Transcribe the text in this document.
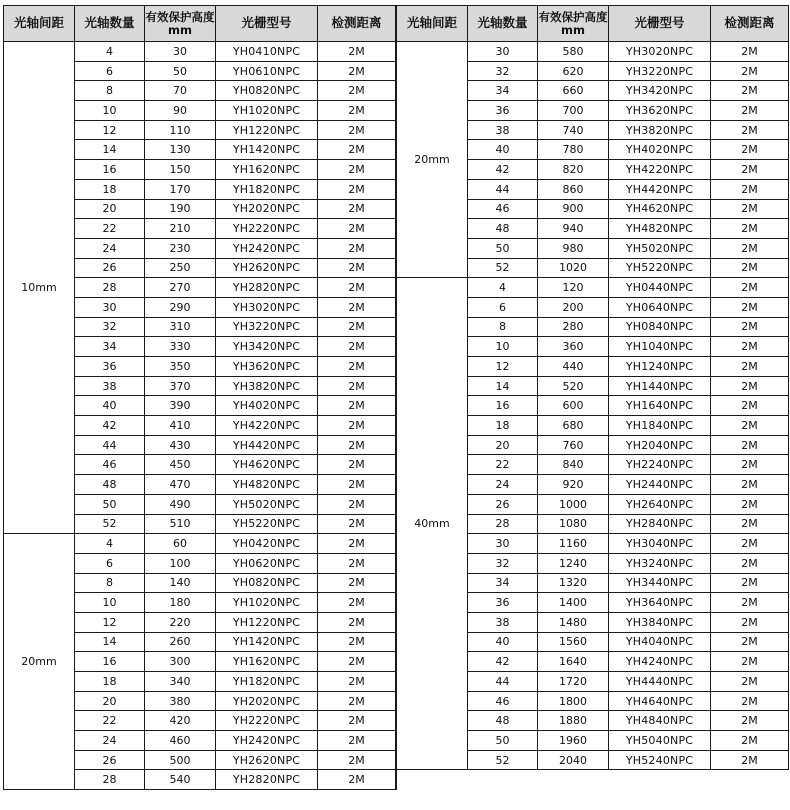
光轴间距	光轴数量	有效保护高度mm	光栅型号	检测距离
10mm	4	30	YH0410NPC	2M
	6	50	YH0610NPC	2M
	8	70	YH0820NPC	2M
	10	90	YH1020NPC	2M
	12	110	YH1220NPC	2M
	14	130	YH1420NPC	2M
	16	150	YH1620NPC	2M
	18	170	YH1820NPC	2M
	20	190	YH2020NPC	2M
	22	210	YH2220NPC	2M
	24	230	YH2420NPC	2M
	26	250	YH2620NPC	2M
	28	270	YH2820NPC	2M
	30	290	YH3020NPC	2M
	32	310	YH3220NPC	2M
	34	330	YH3420NPC	2M
	36	350	YH3620NPC	2M
	38	370	YH3820NPC	2M
	40	390	YH4020NPC	2M
	42	410	YH4220NPC	2M
	44	430	YH4420NPC	2M
	46	450	YH4620NPC	2M
	48	470	YH4820NPC	2M
	50	490	YH5020NPC	2M
	52	510	YH5220NPC	2M
20mm	4	60	YH0420NPC	2M
	6	100	YH0620NPC	2M
	8	140	YH0820NPC	2M
	10	180	YH1020NPC	2M
	12	220	YH1220NPC	2M
	14	260	YH1420NPC	2M
	16	300	YH1620NPC	2M
	18	340	YH1820NPC	2M
	20	380	YH2020NPC	2M
	22	420	YH2220NPC	2M
	24	460	YH2420NPC	2M
	26	500	YH2620NPC	2M
	28	540	YH2820NPC	2M
光轴间距	光轴数量	有效保护高度mm	光栅型号	检测距离
20mm	30	580	YH3020NPC	2M
	32	620	YH3220NPC	2M
	34	660	YH3420NPC	2M
	36	700	YH3620NPC	2M
	38	740	YH3820NPC	2M
	40	780	YH4020NPC	2M
	42	820	YH4220NPC	2M
	44	860	YH4420NPC	2M
	46	900	YH4620NPC	2M
	48	940	YH4820NPC	2M
	50	980	YH5020NPC	2M
	52	1020	YH5220NPC	2M
40mm	4	120	YH0440NPC	2M
	6	200	YH0640NPC	2M
	8	280	YH0840NPC	2M
	10	360	YH1040NPC	2M
	12	440	YH1240NPC	2M
	14	520	YH1440NPC	2M
	16	600	YH1640NPC	2M
	18	680	YH1840NPC	2M
	20	760	YH2040NPC	2M
	22	840	YH2240NPC	2M
	24	920	YH2440NPC	2M
	26	1000	YH2640NPC	2M
	28	1080	YH2840NPC	2M
	30	1160	YH3040NPC	2M
	32	1240	YH3240NPC	2M
	34	1320	YH3440NPC	2M
	36	1400	YH3640NPC	2M
	38	1480	YH3840NPC	2M
	40	1560	YH4040NPC	2M
	42	1640	YH4240NPC	2M
	44	1720	YH4440NPC	2M
	46	1800	YH4640NPC	2M
	48	1880	YH4840NPC	2M
	50	1960	YH5040NPC	2M
	52	2040	YH5240NPC	2M
